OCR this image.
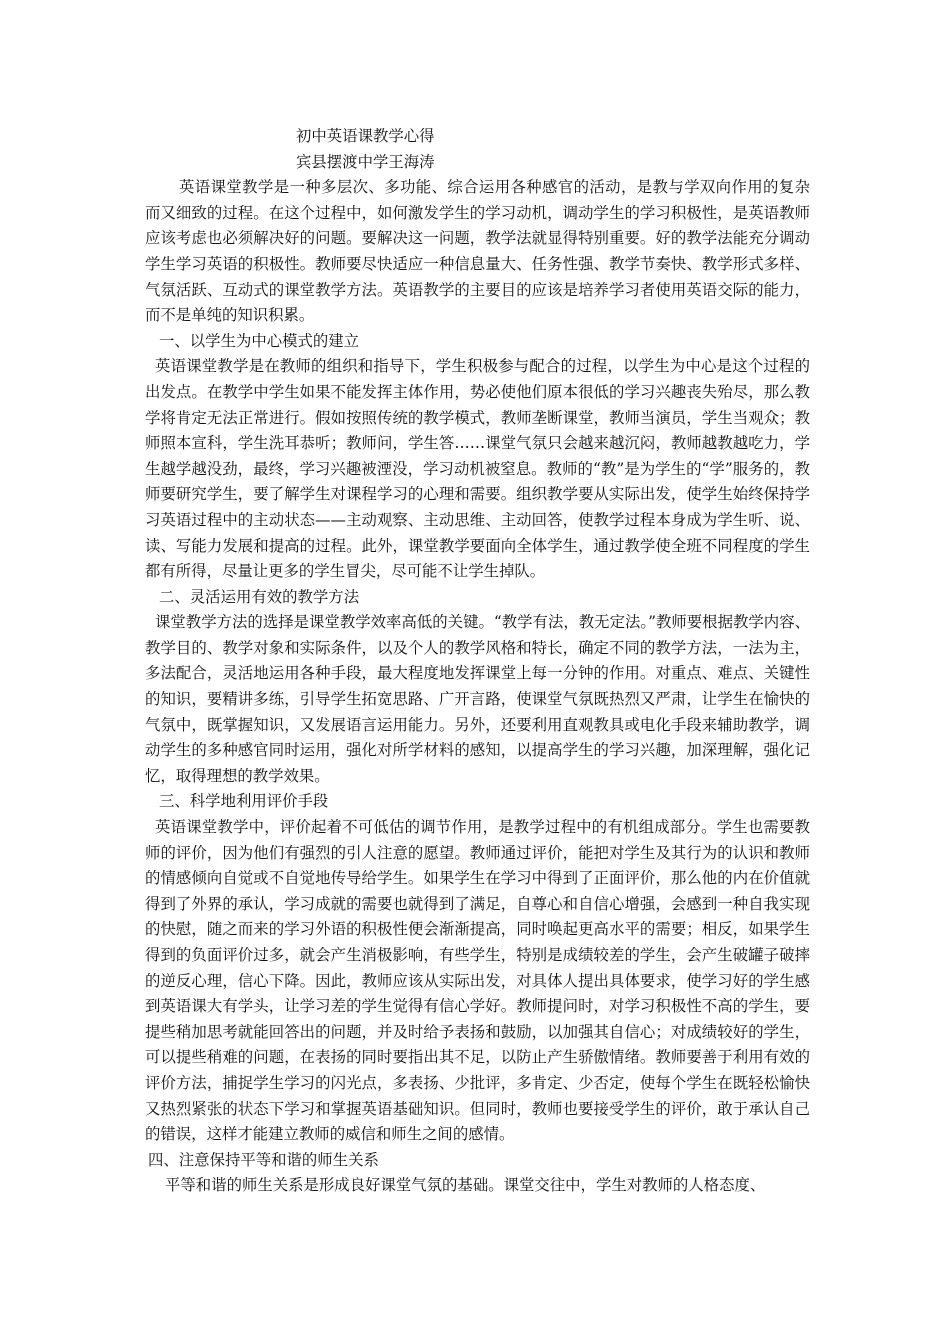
初中英语课教学心得
宾县摆渡中学王海涛
英语课堂教学是一种多层次、多功能、综合运用各种感官的活动，是教与学双向作用的复杂而又细致的过程。在这个过程中，如何激发学生的学习动机，调动学生的学习积极性，是英语教师应该考虑也必须解决好的问题。要解决这一问题，教学法就显得特别重要。好的教学法能充分调动学生学习英语的积极性。教师要尽快适应一种信息量大、任务性强、教学节奏快、教学形式多样、气氛活跃、互动式的课堂教学方法。英语教学的主要目的应该是培养学习者使用英语交际的能力，而不是单纯的知识积累。
一、以学生为中心模式的建立
英语课堂教学是在教师的组织和指导下，学生积极参与配合的过程，以学生为中心是这个过程的出发点。在教学中学生如果不能发挥主体作用，势必使他们原本很低的学习兴趣丧失殆尽，那么教学将肯定无法正常进行。假如按照传统的教学模式，教师垄断课堂，教师当演员，学生当观众；教师照本宣科，学生洗耳恭听；教师问，学生答……课堂气氛只会越来越沉闷，教师越教越吃力，学生越学越没劲，最终，学习兴趣被湮没，学习动机被窒息。教师的“教”是为学生的“学”服务的，教师要研究学生，要了解学生对课程学习的心理和需要。组织教学要从实际出发，使学生始终保持学习英语过程中的主动状态——主动观察、主动思维、主动回答，使教学过程本身成为学生听、说、读、写能力发展和提高的过程。此外，课堂教学要面向全体学生，通过教学使全班不同程度的学生都有所得，尽量让更多的学生冒尖，尽可能不让学生掉队。
二、灵活运用有效的教学方法
课堂教学方法的选择是课堂教学效率高低的关键。“教学有法，教无定法。”教师要根据教学内容、教学目的、教学对象和实际条件，以及个人的教学风格和特长，确定不同的教学方法，一法为主，多法配合，灵活地运用各种手段，最大程度地发挥课堂上每一分钟的作用。对重点、难点、关键性的知识，要精讲多练，引导学生拓宽思路、广开言路，使课堂气氛既热烈又严肃，让学生在愉快的气氛中，既掌握知识，又发展语言运用能力。另外，还要利用直观教具或电化手段来辅助教学，调动学生的多种感官同时运用，强化对所学材料的感知，以提高学生的学习兴趣，加深理解，强化记忆，取得理想的教学效果。
三、科学地利用评价手段
英语课堂教学中，评价起着不可低估的调节作用，是教学过程中的有机组成部分。学生也需要教师的评价，因为他们有强烈的引人注意的愿望。教师通过评价，能把对学生及其行为的认识和教师的情感倾向自觉或不自觉地传导给学生。如果学生在学习中得到了正面评价，那么他的内在价值就得到了外界的承认，学习成就的需要也就得到了满足，自尊心和自信心增强，会感到一种自我实现的快慰，随之而来的学习外语的积极性便会渐渐提高，同时唤起更高水平的需要；相反，如果学生得到的负面评价过多，就会产生消极影响，有些学生，特别是成绩较差的学生，会产生破罐子破摔的逆反心理，信心下降。因此，教师应该从实际出发，对具体人提出具体要求，使学习好的学生感到英语课大有学头，让学习差的学生觉得有信心学好。教师提问时，对学习积极性不高的学生，要提些稍加思考就能回答出的问题，并及时给予表扬和鼓励，以加强其自信心；对成绩较好的学生，可以提些稍难的问题，在表扬的同时要指出其不足，以防止产生骄傲情绪。教师要善于利用有效的评价方法，捕捉学生学习的闪光点，多表扬、少批评，多肯定、少否定，使每个学生在既轻松愉快又热烈紧张的状态下学习和掌握英语基础知识。但同时，教师也要接受学生的评价，敢于承认自己的错误，这样才能建立教师的威信和师生之间的感情。
四、注意保持平等和谐的师生关系
平等和谐的师生关系是形成良好课堂气氛的基础。课堂交往中，学生对教师的人格态度、
